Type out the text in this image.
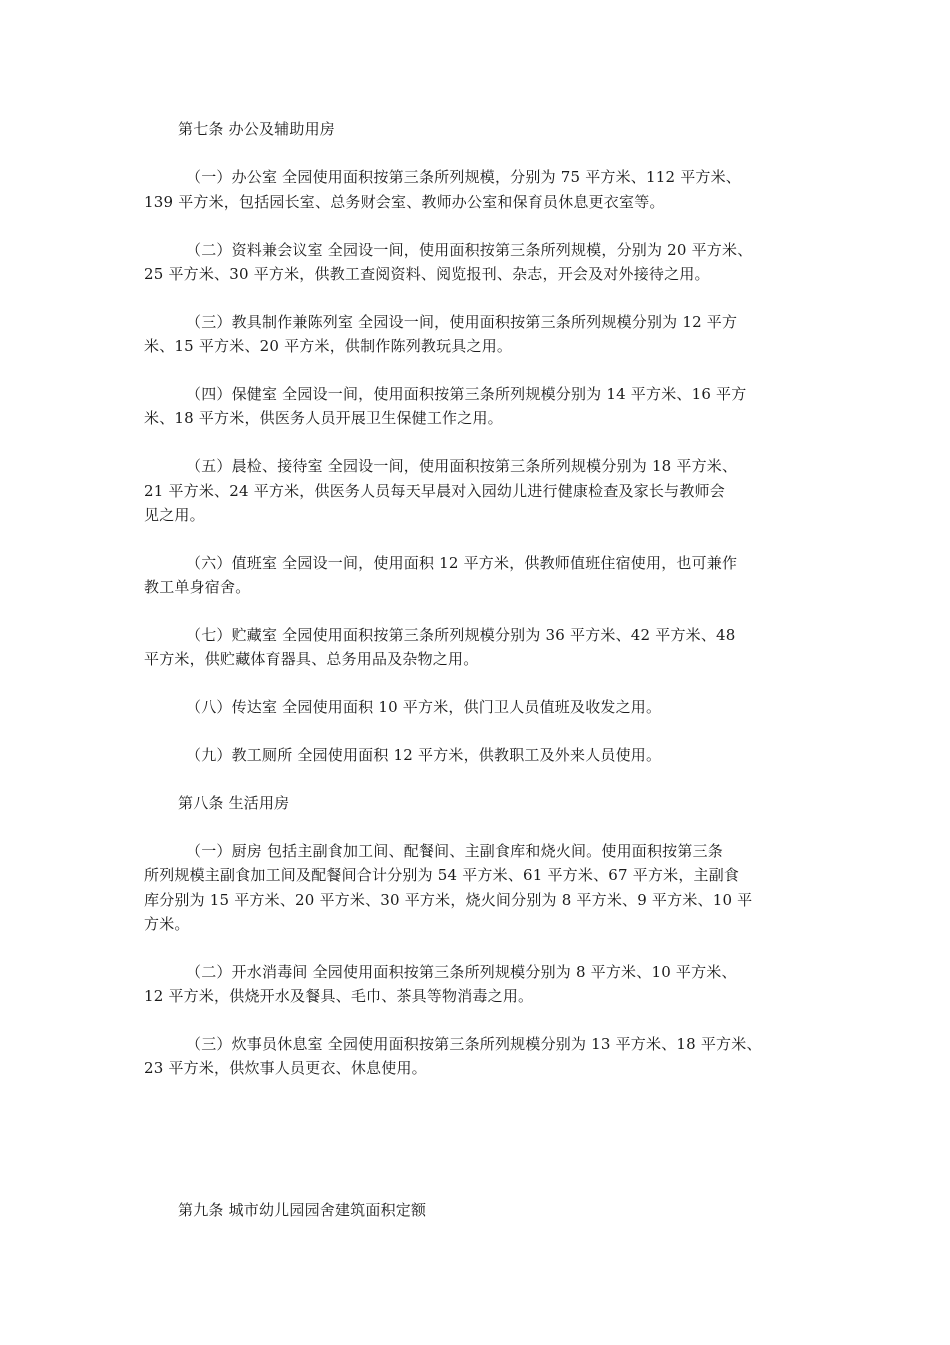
第七条 办公及辅助用房
（一）办公室 全园使用面积按第三条所列规模，分别为 75 平方米、112 平方米、
139 平方米，包括园长室、总务财会室、教师办公室和保育员休息更衣室等。
（二）资料兼会议室 全园设一间，使用面积按第三条所列规模，分别为 20 平方米、
25 平方米、30 平方米，供教工查阅资料、阅览报刊、杂志，开会及对外接待之用。
（三）教具制作兼陈列室 全园设一间，使用面积按第三条所列规模分别为 12 平方
米、15 平方米、20 平方米，供制作陈列教玩具之用。
（四）保健室 全园设一间，使用面积按第三条所列规模分别为 14 平方米、16 平方
米、18 平方米，供医务人员开展卫生保健工作之用。
（五）晨检、接待室 全园设一间，使用面积按第三条所列规模分别为 18 平方米、
21 平方米、24 平方米，供医务人员每天早晨对入园幼儿进行健康检查及家长与教师会
见之用。
（六）值班室 全园设一间，使用面积 12 平方米，供教师值班住宿使用，也可兼作
教工单身宿舍。
（七）贮藏室 全园使用面积按第三条所列规模分别为 36 平方米、42 平方米、48
平方米，供贮藏体育器具、总务用品及杂物之用。
（八）传达室 全园使用面积 10 平方米，供门卫人员值班及收发之用。
（九）教工厕所 全园使用面积 12 平方米，供教职工及外来人员使用。
第八条 生活用房
（一）厨房 包括主副食加工间、配餐间、主副食库和烧火间。使用面积按第三条
所列规模主副食加工间及配餐间合计分别为 54 平方米、61 平方米、67 平方米，主副食
库分别为 15 平方米、20 平方米、30 平方米，烧火间分别为 8 平方米、9 平方米、10 平
方米。
（二）开水消毒间 全园使用面积按第三条所列规模分别为 8 平方米、10 平方米、
12 平方米，供烧开水及餐具、毛巾、茶具等物消毒之用。
（三）炊事员休息室 全园使用面积按第三条所列规模分别为 13 平方米、18 平方米、
23 平方米，供炊事人员更衣、休息使用。
第九条 城市幼儿园园舍建筑面积定额
